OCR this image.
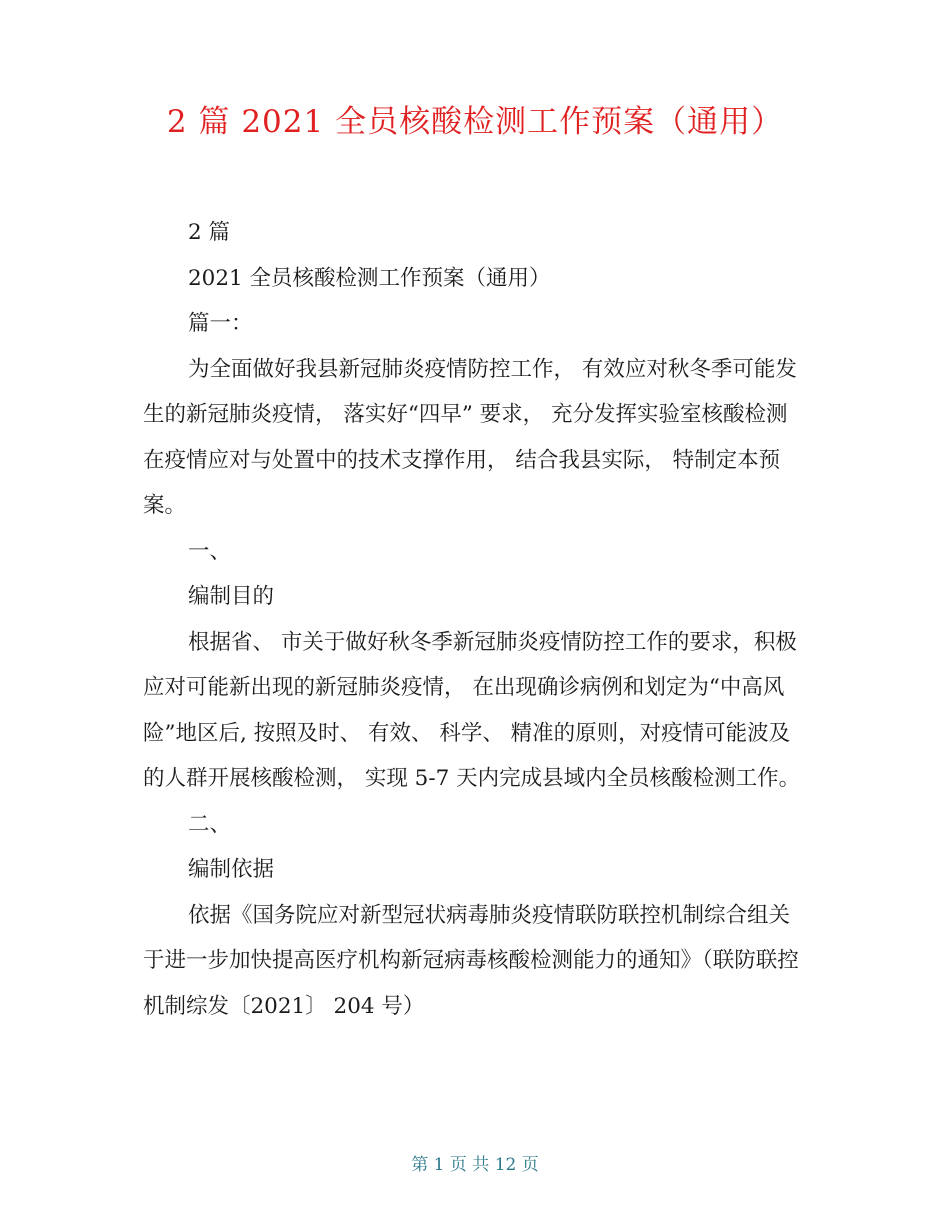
2 篇 2021 全员核酸检测工作预案（通用）

2 篇

2021 全员核酸检测工作预案（通用）

篇一：

为全面做好我县新冠肺炎疫情防控工作， 有效应对秋冬季可能发生的新冠肺炎疫情， 落实好“四早” 要求， 充分发挥实验室核酸检测在疫情应对与处置中的技术支撑作用， 结合我县实际， 特制定本预案。

一、

编制目的

根据省、 市关于做好秋冬季新冠肺炎疫情防控工作的要求，积极应对可能新出现的新冠肺炎疫情， 在出现确诊病例和划定为“中高风险”地区后, 按照及时、 有效、 科学、 精准的原则，对疫情可能波及的人群开展核酸检测， 实现 5-7 天内完成县域内全员核酸检测工作。

二、

编制依据

依据《国务院应对新型冠状病毒肺炎疫情联防联控机制综合组关于进一步加快提高医疗机构新冠病毒核酸检测能力的通知》（联防联控机制综发〔2021〕 204 号）

第 1 页 共 12 页
